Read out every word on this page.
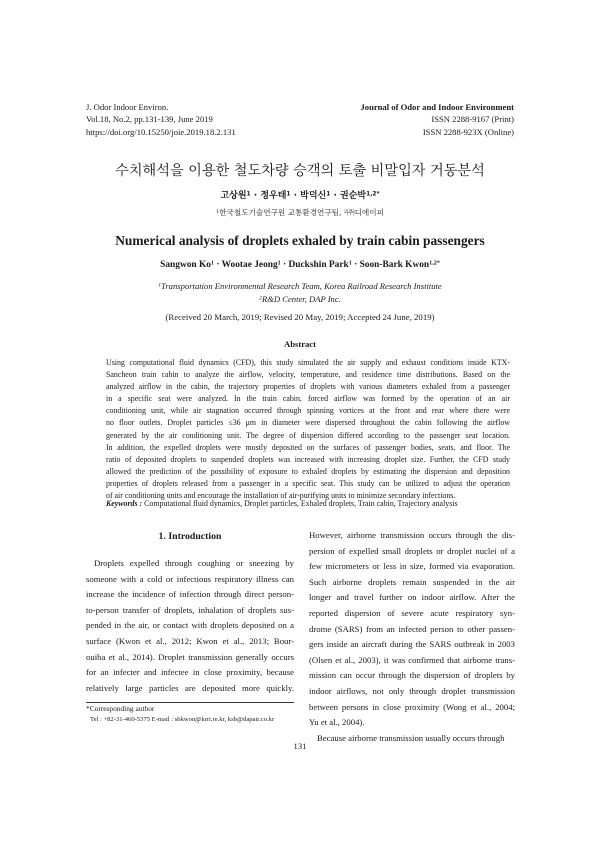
J. Odor Indoor Environ.
Vol.18, No.2, pp.131-139, June 2019
https://doi.org/10.15250/joie.2019.18.2.131
Journal of Odor and Indoor Environment
ISSN 2288-9167 (Print)
ISSN 2288-923X (Online)
수치해석을 이용한 철도차량 승객의 토출 비말입자 거동분석
고상원$^1$ · 정우태$^1$ · 박덕신$^1$ · 권순박$^{1,2*}$
$^1$한국철도기술연구원 교통환경연구팀, $^2$㈜디에이피
Numerical analysis of droplets exhaled by train cabin passengers
Sangwon $Ko^1$ · Wootae Jeong$^1$ · Duckshin Park$^1$ · Soon-Bark Kwon$^{1,2*}$
$^1$Transportation Environmental Research Team, Korea Railroad Research Institute
$^2$R&D Center, DAP Inc.
(Received 20 March, 2019; Revised 20 May, 2019; Accepted 24 June, 2019)
Abstract
Using computational fluid dynamics (CFD), this study simulated the air supply and exhaust conditions inside KTX-
Sancheon train cabin to analyze the airflow, velocity, temperature, and residence time distributions. Based on the
analyzed airflow in the cabin, the trajectory properties of droplets with various diameters exhaled from a passenger
in a specific seat were analyzed. In the train cabin, forced airflow was formed by the operation of an air
conditioning unit, while air stagnation occurred through spinning vortices at the front and rear where there were
no floor outlets. Droplet particles ≤36 μm in diameter were dispersed throughout the cabin following the airflow
generated by the air conditioning unit. The degree of dispersion differed according to the passenger seat location.
In addition, the expelled droplets were mostly deposited on the surfaces of passenger bodies, seats, and floor. The
ratio of deposited droplets to suspended droplets was increased with increasing droplet size. Further, the CFD study
allowed the prediction of the possibility of exposure to exhaled droplets by estimating the dispersion and deposition
properties of droplets released from a passenger in a specific seat. This study can be utilized to adjust the operation
of air conditioning units and encourage the installation of air-purifying units to minimize secondary infections.
Keywords : Computational fluid dynamics, Droplet particles, Exhaled droplets, Train cabin, Trajectory analysis
1. Introduction
Droplets expelled through coughing or sneezing by
someone with a cold or infectious respiratory illness can
increase the incidence of infection through direct person-
to-person transfer of droplets, inhalation of droplets sus-
pended in the air, or contact with droplets deposited on a
surface (Kwon et al., 2012; Kwon et al., 2013; Bour-
ouiba et al., 2014). Droplet transmission generally occurs
for an infecter and infectee in close proximity, because
relatively large particles are deposited more quickly.
However, airborne transmission occurs through the dis-
persion of expelled small droplets or droplet nuclei of a
few micrometers or less in size, formed via evaporation.
Such airborne droplets remain suspended in the air
longer and travel further on indoor airflow. After the
reported dispersion of severe acute respiratory syn-
drome (SARS) from an infected person to other passen-
gers inside an aircraft during the SARS outbreak in 2003
(Olsen et al., 2003), it was confirmed that airborne trans-
mission can occur through the dispersion of droplets by
indoor airflows, not only through droplet transmission
between persons in close proximity (Wong et al., 2004;
Yu et al., 2004).
Because airborne transmission usually occurs through
*Corresponding author
Tel : +82-31-460-5375 E-mail : sbkwon@krri.re.kr, ksb@dapair.co.kr
131
